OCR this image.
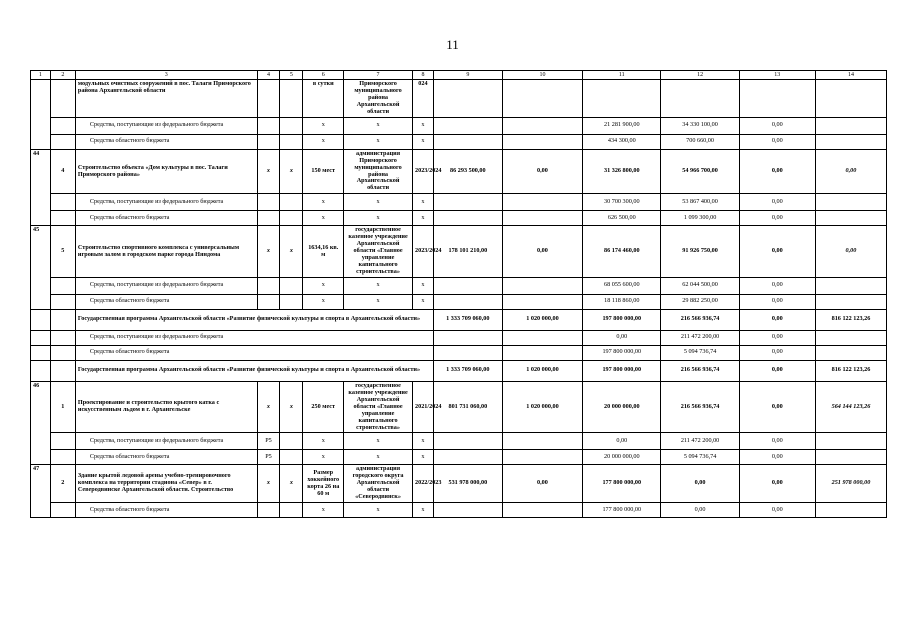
11
1	2	3	4	5	6	7	8	9	10	11	12	13	14
		модульных очистных сооружений в пос. Талаги Приморского района Архангельской области			в сутки	Приморского муниципального района Архангельской области	024						
		Средства, поступающие из федерального бюджета			x	x	x			21 281 900,00	34 330 100,00	0,00	
		Средства областного бюджета			x	x	x			434 300,00	700 660,00	0,00	
44	4	Строительство объекта «Дом культуры в пос. Талаги Приморского района»	x	x	150 мест	администрация Приморского муниципального района Архангельской области	2023/2024	86 293 500,00	0,00	31 326 800,00	54 966 700,00	0,00	0,00
		Средства, поступающие из федерального бюджета			x	x	x			30 700 300,00	53 867 400,00	0,00	
		Средства областного бюджета			x	x	x			626 500,00	1 099 300,00	0,00	
45	5	Строительство спортивного комплекса с универсальным игровым залом в городском парке города Няндома	x	x	1634,16 кв. м	государственное казенное учреждение Архангельской области «Главное управление капитального строительства»	2023/2024	178 101 210,00	0,00	86 174 460,00	91 926 750,00	0,00	0,00
		Средства, поступающие из федерального бюджета			x	x	x			68 055 600,00	62 044 500,00	0,00	
		Средства областного бюджета			x	x	x			18 118 860,00	29 882 250,00	0,00	
		Государственная программа Архангельской области «Развитие физической культуры и спорта в Архангельской области»						1 333 709 060,00	1 020 000,00	197 800 000,00	216 566 936,74	0,00	816 122 123,26
		Средства, поступающие из федерального бюджета								0,00	211 472 200,00	0,00	
		Средства областного бюджета								197 800 000,00	5 094 736,74	0,00	
		Государственная программа Архангельской области «Развитие физической культуры и спорта в Архангельской области»						1 333 709 060,00	1 020 000,00	197 800 000,00	216 566 936,74	0,00	816 122 123,26
46	1	Проектирование и строительство крытого катка с искусственным льдом в г. Архангельске	x	x	250 мест	государственное казенное учреждение Архангельской области «Главное управление капитального строительства»	2021/2024	801 731 060,00	1 020 000,00	20 000 000,00	216 566 936,74	0,00	564 144 123,26
		Средства, поступающие из федерального бюджета	P5		x	x	x			0,00	211 472 200,00	0,00	
		Средства областного бюджета	P5		x	x	x			20 000 000,00	5 094 736,74	0,00	
47	2	Здание крытой ледовой арены учебно-тренировочного комплекса на территории стадиона «Север» в г. Северодвинске Архангельской области. Строительство	x	x	Размер хоккейного корта 26 на 60 м	администрация городского округа Архангельской области «Северодвинск»	2022/2023	531 978 000,00	0,00	177 800 000,00	0,00	0,00	251 978 000,00
		Средства областного бюджета			x	x	x			177 800 000,00	0,00	0,00	
